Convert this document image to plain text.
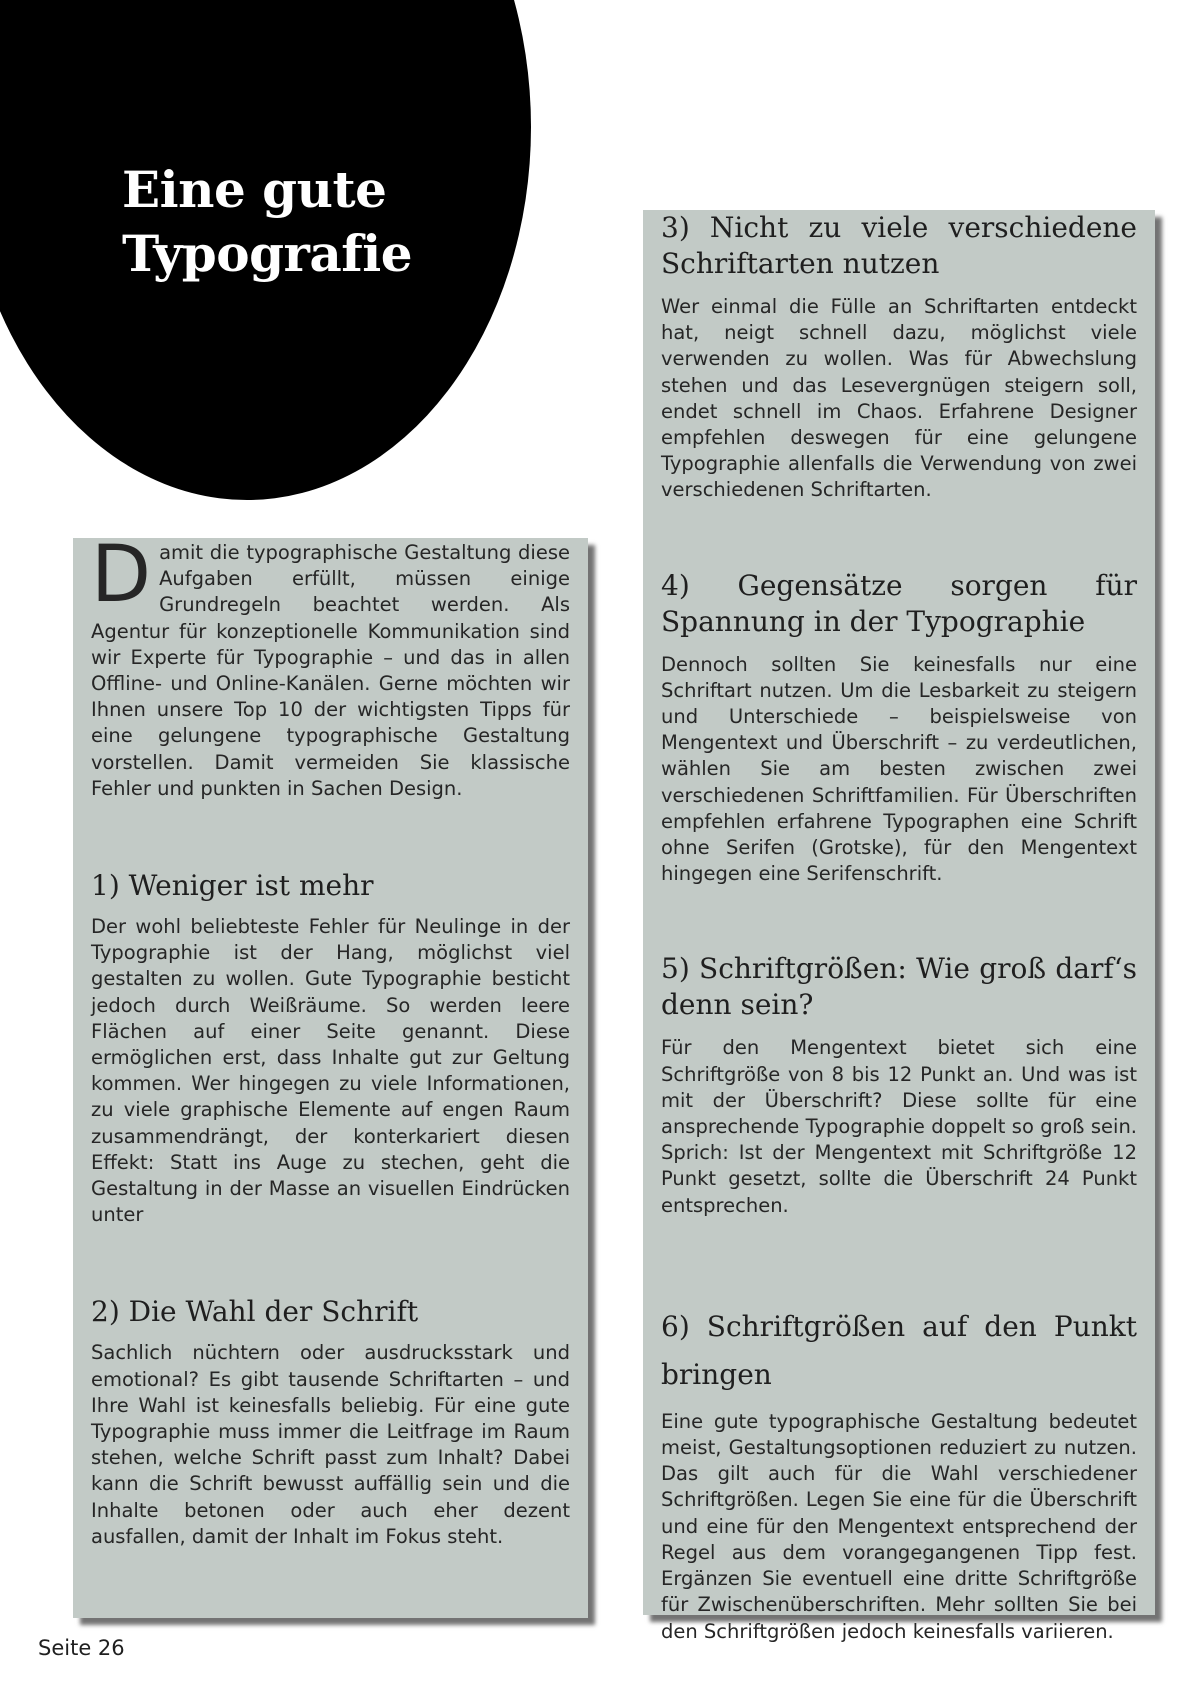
Eine gute
Typografie

Damit die typographische Gestaltung diese Aufgaben erfüllt, müssen einige Grundregeln beachtet werden. Als Agentur für konzeptionelle Kommunikation sind wir Experte für Typographie – und das in allen Offline- und Online-Kanälen. Gerne möchten wir Ihnen unsere Top 10 der wichtigsten Tipps für eine gelungene typographische Gestaltung vorstellen. Damit vermeiden Sie klassische Fehler und punkten in Sachen Design.

1) Weniger ist mehr

Der wohl beliebteste Fehler für Neulinge in der Typographie ist der Hang, möglichst viel gestalten zu wollen. Gute Typographie besticht jedoch durch Weißräume. So werden leere Flächen auf einer Seite genannt. Diese ermöglichen erst, dass Inhalte gut zur Geltung kommen. Wer hingegen zu viele Informationen, zu viele graphische Elemente auf engen Raum zusammendrängt, der konterkariert diesen Effekt: Statt ins Auge zu stechen, geht die Gestaltung in der Masse an visuellen Eindrücken unter

2) Die Wahl der Schrift

Sachlich nüchtern oder ausdrucksstark und emotional? Es gibt tausende Schriftarten – und Ihre Wahl ist keinesfalls beliebig. Für eine gute Typographie muss immer die Leitfrage im Raum stehen, welche Schrift passt zum Inhalt? Dabei kann die Schrift bewusst auffällig sein und die Inhalte betonen oder auch eher dezent ausfallen, damit der Inhalt im Fokus steht.

3) Nicht zu viele verschiedene Schriftarten nutzen

Wer einmal die Fülle an Schriftarten entdeckt hat, neigt schnell dazu, möglichst viele verwenden zu wollen. Was für Abwechslung stehen und das Lesevergnügen steigern soll, endet schnell im Chaos. Erfahrene Designer empfehlen deswegen für eine gelungene Typographie allenfalls die Verwendung von zwei verschiedenen Schriftarten.

4) Gegensätze sorgen für Spannung in der Typographie

Dennoch sollten Sie keinesfalls nur eine Schriftart nutzen. Um die Lesbarkeit zu steigern und Unterschiede – beispielsweise von Mengentext und Überschrift – zu verdeutlichen, wählen Sie am besten zwischen zwei verschiedenen Schriftfamilien. Für Überschriften empfehlen erfahrene Typographen eine Schrift ohne Serifen (Grotske), für den Mengentext hingegen eine Serifenschrift.

5) Schriftgrößen: Wie groß darf‘s denn sein?

Für den Mengentext bietet sich eine Schriftgröße von 8 bis 12 Punkt an. Und was ist mit der Überschrift? Diese sollte für eine ansprechende Typographie doppelt so groß sein. Sprich: Ist der Mengentext mit Schriftgröße 12 Punkt gesetzt, sollte die Überschrift 24 Punkt entsprechen.

6) Schriftgrößen auf den Punkt bringen

Eine gute typographische Gestaltung bedeutet meist, Gestaltungsoptionen reduziert zu nutzen. Das gilt auch für die Wahl verschiedener Schriftgrößen. Legen Sie eine für die Überschrift und eine für den Mengentext entsprechend der Regel aus dem vorangegangenen Tipp fest. Ergänzen Sie eventuell eine dritte Schriftgröße für Zwischenüberschriften. Mehr sollten Sie bei den Schriftgrößen jedoch keinesfalls variieren.

Seite 26
